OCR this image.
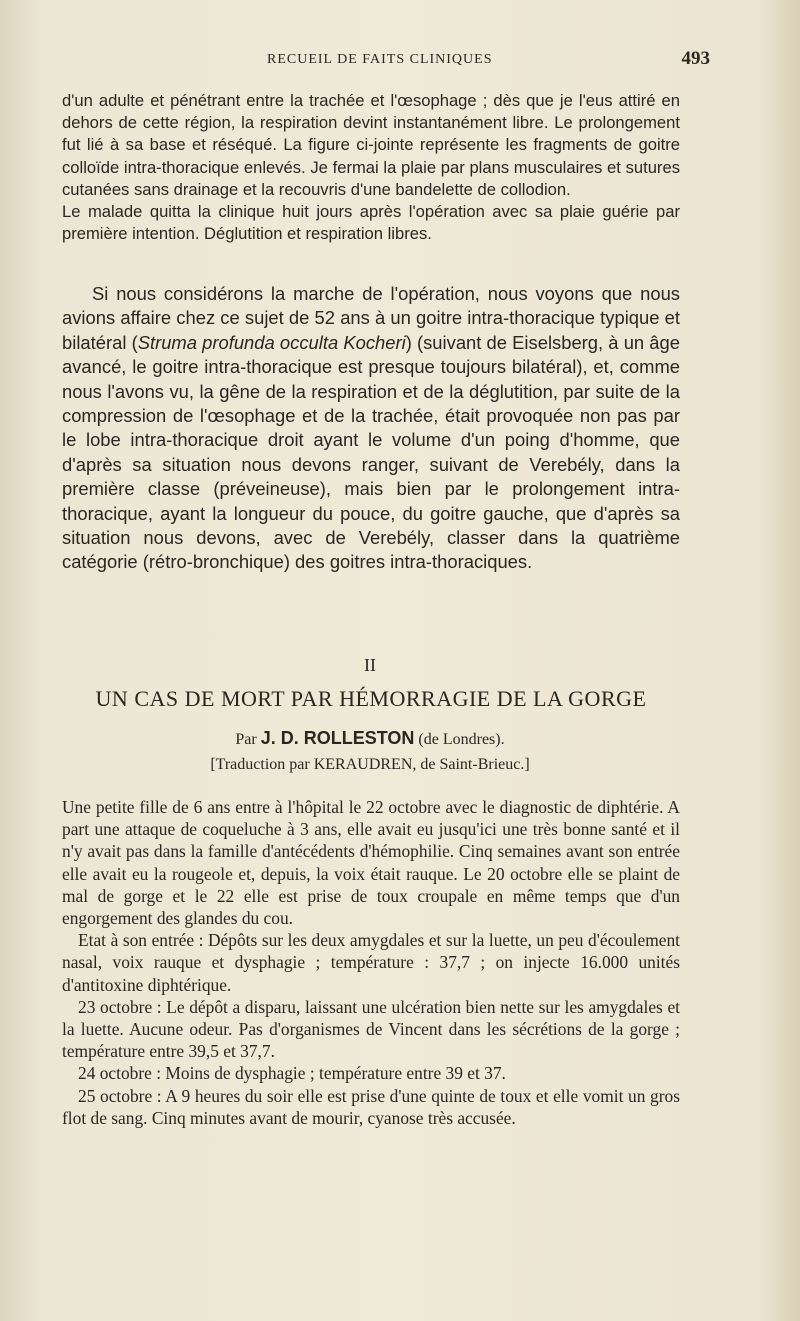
RECUEIL DE FAITS CLINIQUES	493

d'un adulte et pénétrant entre la trachée et l'œsophage ; dès que je l'eus attiré en dehors de cette région, la respiration devint instantanément libre. Le prolongement fut lié à sa base et réséqué. La figure ci-jointe représente les fragments de goitre colloïde intra-thoracique enlevés. Je fermai la plaie par plans musculaires et sutures cutanées sans drainage et la recouvris d'une bandelette de collodion.

Le malade quitta la clinique huit jours après l'opération avec sa plaie guérie par première intention. Déglutition et respiration libres.

Si nous considérons la marche de l'opération, nous voyons que nous avions affaire chez ce sujet de 52 ans à un goitre intra-thoracique typique et bilatéral (Struma profunda occulta Kocheri) (suivant de Eiselsberg, à un âge avancé, le goitre intra-thoracique est presque toujours bilatéral), et, comme nous l'avons vu, la gêne de la respiration et de la déglutition, par suite de la compression de l'œsophage et de la trachée, était provoquée non pas par le lobe intra-thoracique droit ayant le volume d'un poing d'homme, que d'après sa situation nous devons ranger, suivant de Verebély, dans la première classe (préveineuse), mais bien par le prolongement intra-thoracique, ayant la longueur du pouce, du goitre gauche, que d'après sa situation nous devons, avec de Verebély, classer dans la quatrième catégorie (rétro-bronchique) des goitres intra-thoraciques.

II
UN CAS DE MORT PAR HÉMORRAGIE DE LA GORGE
Par J. D. ROLLESTON (de Londres).
[Traduction par KERAUDREN, de Saint-Brieuc.]

Une petite fille de 6 ans entre à l'hôpital le 22 octobre avec le diagnostic de diphtérie. A part une attaque de coqueluche à 3 ans, elle avait eu jusqu'ici une très bonne santé et il n'y avait pas dans la famille d'antécédents d'hémophilie. Cinq semaines avant son entrée elle avait eu la rougeole et, depuis, la voix était rauque. Le 20 octobre elle se plaint de mal de gorge et le 22 elle est prise de toux croupale en même temps que d'un engorgement des glandes du cou.

Etat à son entrée : Dépôts sur les deux amygdales et sur la luette, un peu d'écoulement nasal, voix rauque et dysphagie ; température : 37,7 ; on injecte 16.000 unités d'antitoxine diphtérique.

23 octobre : Le dépôt a disparu, laissant une ulcération bien nette sur les amygdales et la luette. Aucune odeur. Pas d'organismes de Vincent dans les sécrétions de la gorge ; température entre 39,5 et 37,7.

24 octobre : Moins de dysphagie ; température entre 39 et 37.

25 octobre : A 9 heures du soir elle est prise d'une quinte de toux et elle vomit un gros flot de sang. Cinq minutes avant de mourir, cyanose très accusée.
